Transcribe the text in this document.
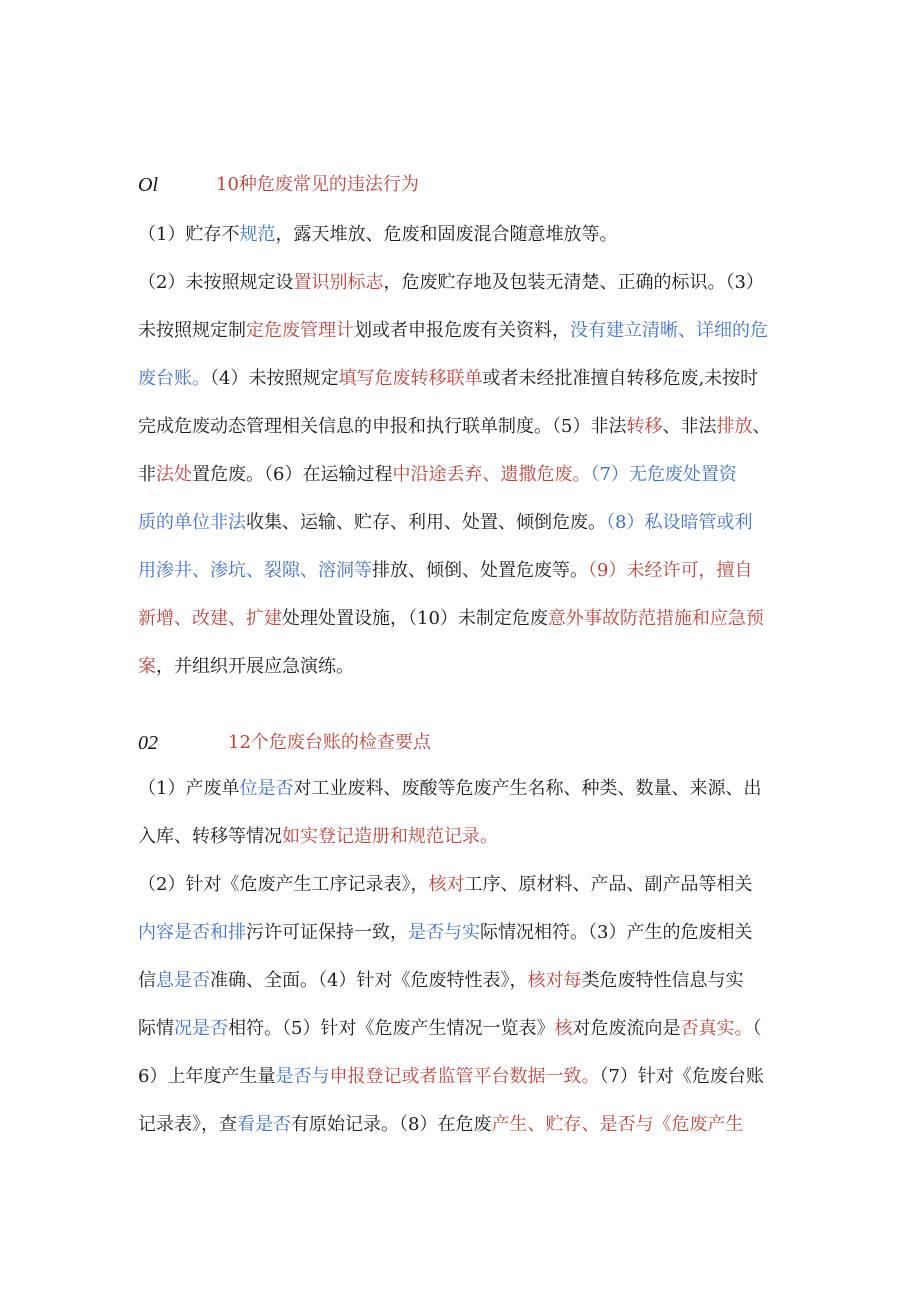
Ol	10种危废常见的违法行为
（1）贮存不规范，露天堆放、危废和固废混合随意堆放等。
（2）未按照规定设置识别标志，危废贮存地及包装无清楚、正确的标识。（3）
未按照规定制定危废管理计划或者申报危废有关资料，没有建立清晰、详细的危
废台账。（4）未按照规定填写危废转移联单或者未经批准擅自转移危废,未按时
完成危废动态管理相关信息的申报和执行联单制度。（5）非法转移、非法排放、
非法处置危废。（6）在运输过程中沿途丢弃、遗撒危废。（7）无危废处置资
质的单位非法收集、运输、贮存、利用、处置、倾倒危废。（8）私设暗管或利
用渗井、渗坑、裂隙、溶洞等排放、倾倒、处置危废等。（9）未经许可，擅自
新增、改建、扩建处理处置设施，（10）未制定危废意外事故防范措施和应急预
案，并组织开展应急演练。
02	12个危废台账的检查要点
（1）产废单位是否对工业废料、废酸等危废产生名称、种类、数量、来源、出
入库、转移等情况如实登记造册和规范记录。
（2）针对《危废产生工序记录表》，核对工序、原材料、产品、副产品等相关
内容是否和排污许可证保持一致，是否与实际情况相符。（3）产生的危废相关
信息是否准确、全面。（4）针对《危废特性表》，核对每类危废特性信息与实
际情况是否相符。（5）针对《危废产生情况一览表》核对危废流向是否真实。（
6）上年度产生量是否与申报登记或者监管平台数据一致。（7）针对《危废台账
记录表》，查看是否有原始记录。（8）在危废产生、贮存、是否与《危废产生
